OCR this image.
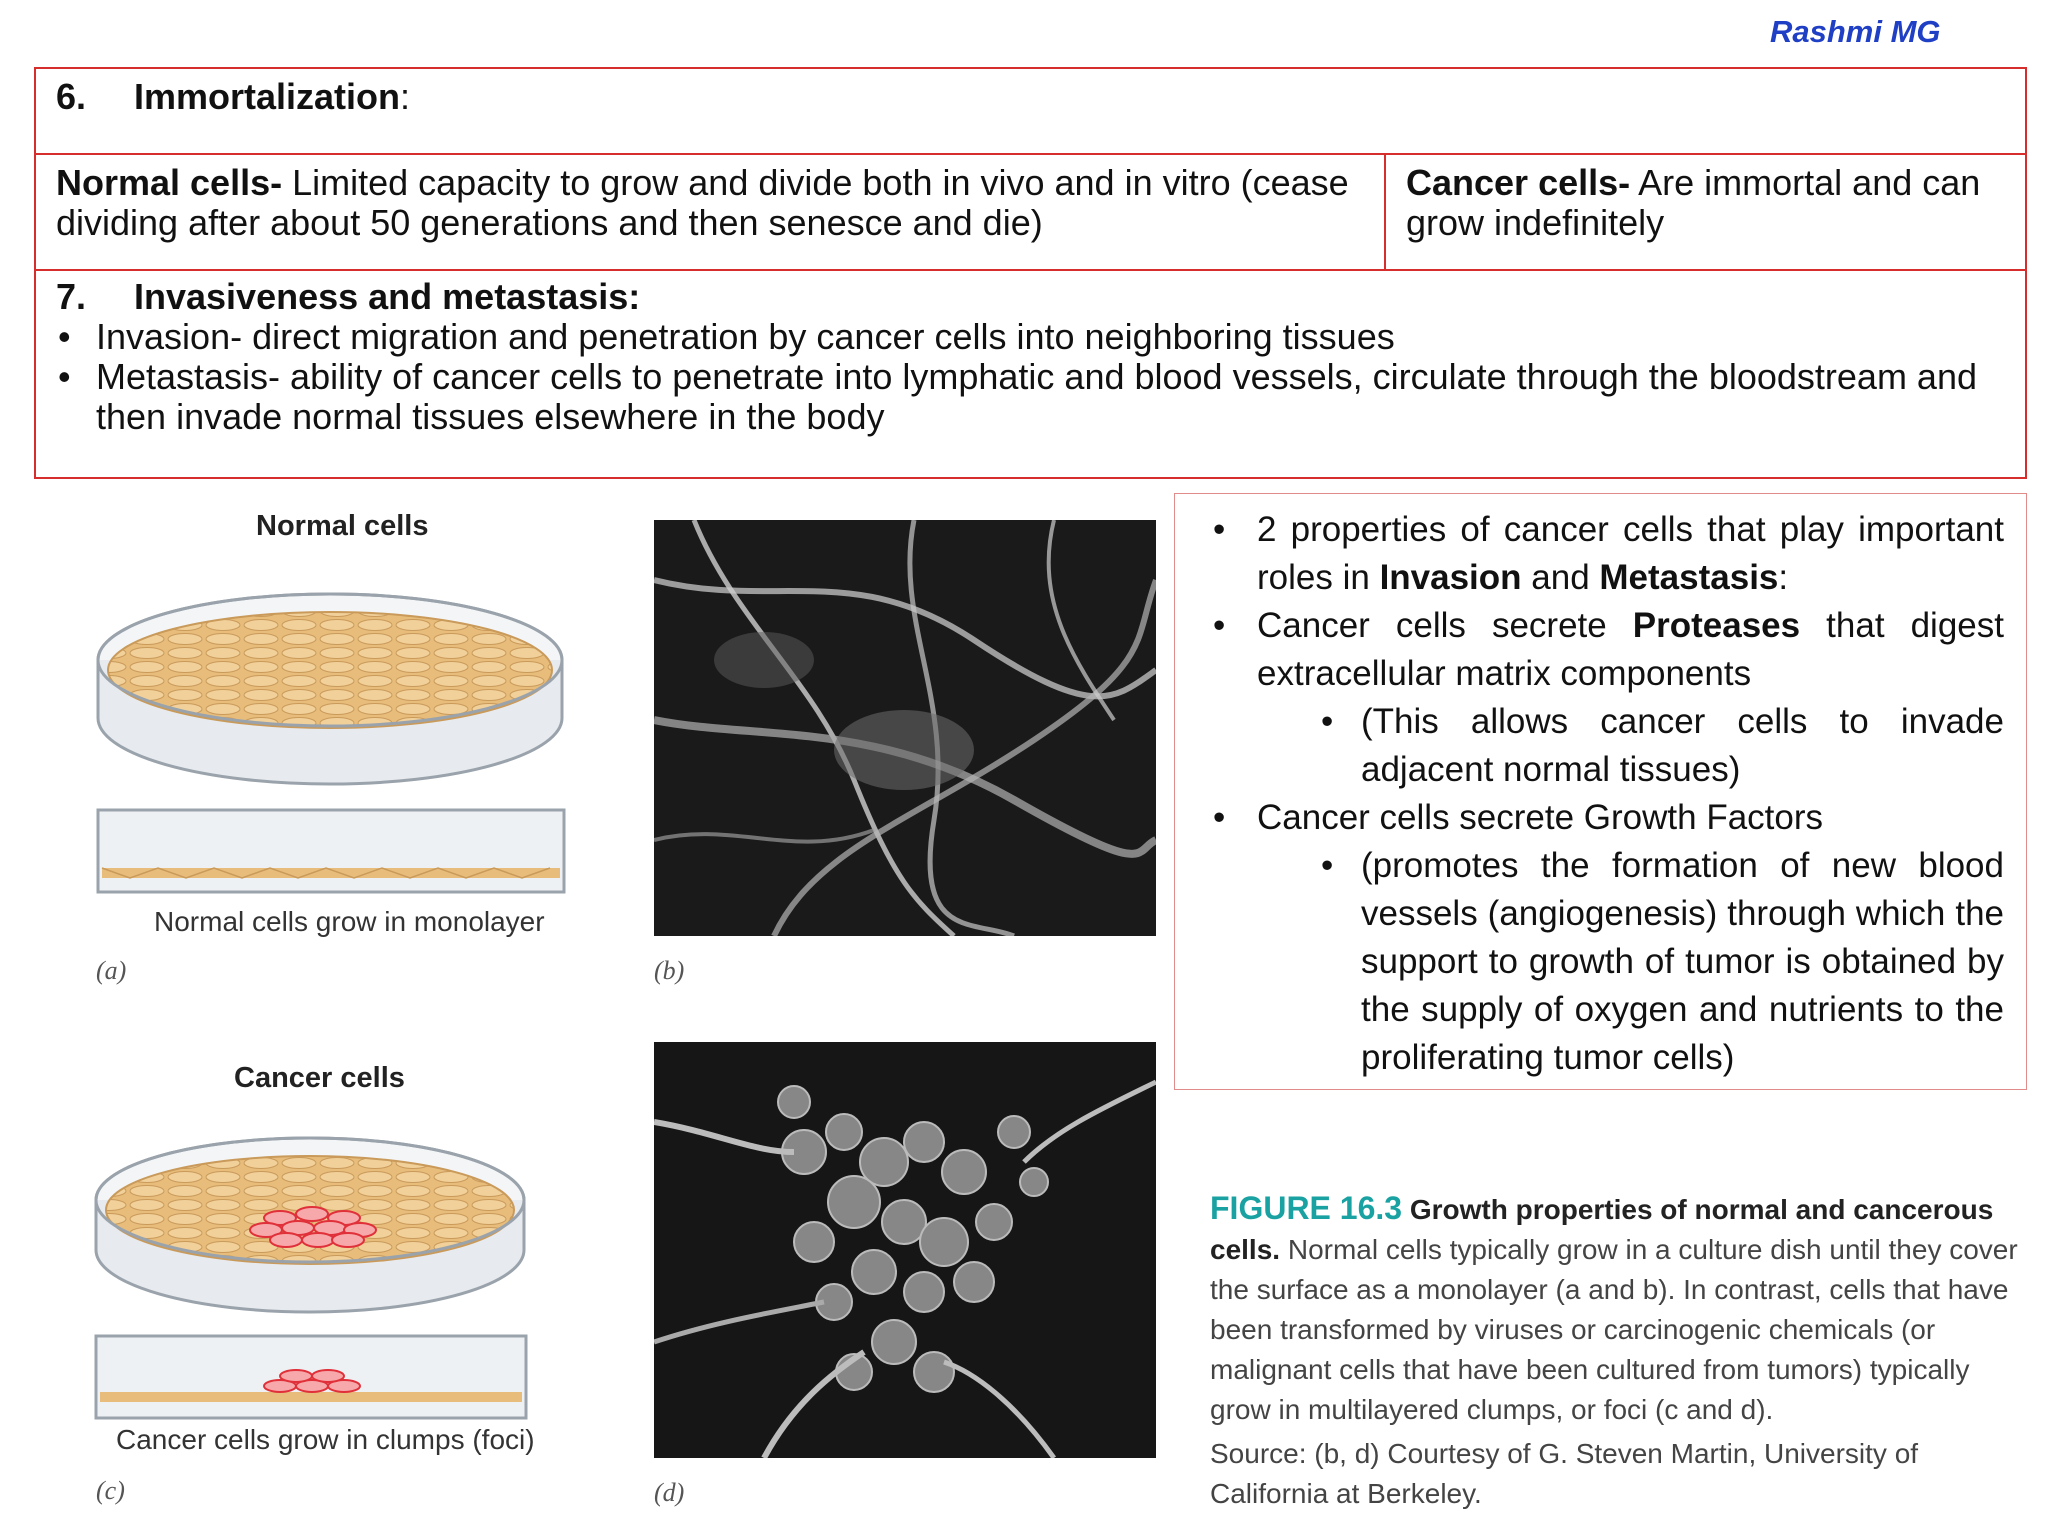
Rashmi MG
6. Immortalization:
Normal cells- Limited capacity to grow and divide both in vivo and in vitro (cease dividing after about 50 generations and then senesce and die)
Cancer cells- Are immortal and can grow indefinitely
7. Invasiveness and metastasis:
• Invasion- direct migration and penetration by cancer cells into neighboring tissues
• Metastasis- ability of cancer cells to penetrate into lymphatic and blood vessels, circulate through the bloodstream and then invade normal tissues elsewhere in the body
Normal cells
Normal cells grow in monolayer
(a)	(b)
Cancer cells
Cancer cells grow in clumps (foci)
(c)	(d)
• 2 properties of cancer cells that play important roles in Invasion and Metastasis:
• Cancer cells secrete Proteases that digest extracellular matrix components
• (This allows cancer cells to invade adjacent normal tissues)
• Cancer cells secrete Growth Factors
• (promotes the formation of new blood vessels (angiogenesis) through which the support to growth of tumor is obtained by the supply of oxygen and nutrients to the proliferating tumor cells)
FIGURE 16.3 Growth properties of normal and cancerous cells. Normal cells typically grow in a culture dish until they cover the surface as a monolayer (a and b). In contrast, cells that have been transformed by viruses or carcinogenic chemicals (or malignant cells that have been cultured from tumors) typically grow in multilayered clumps, or foci (c and d).
Source: (b, d) Courtesy of G. Steven Martin, University of California at Berkeley.
